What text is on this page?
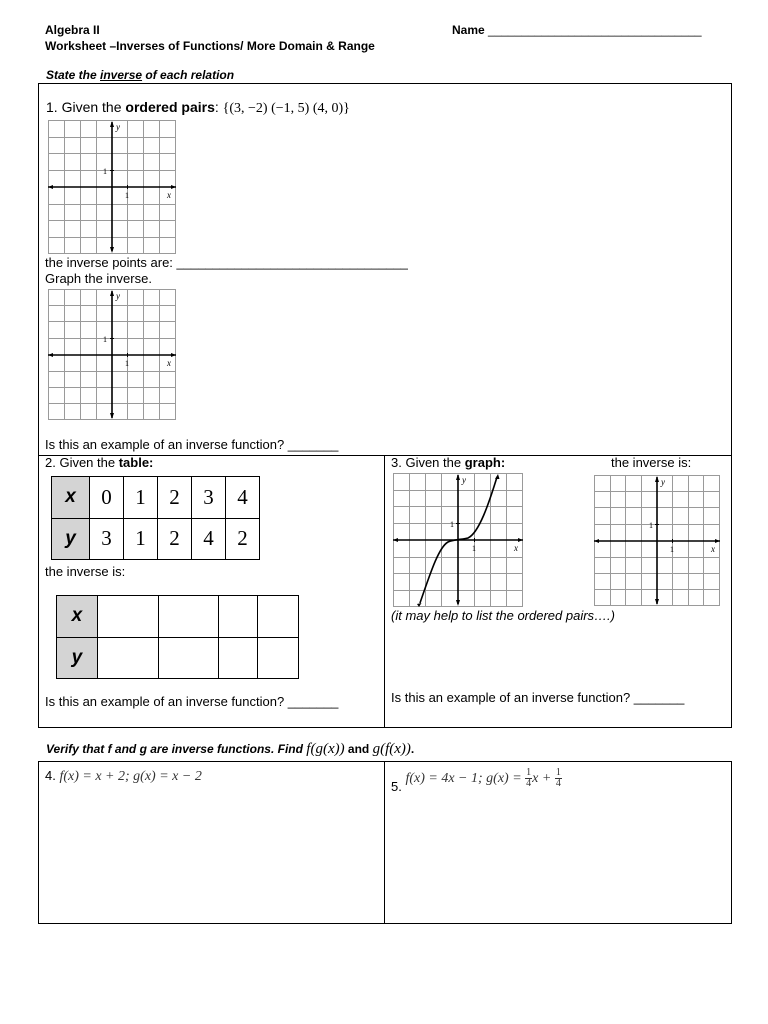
Algebra II
Worksheet –Inverses of Functions/ More Domain & Range
Name ________________________________
State the inverse of each relation
1. Given the ordered pairs: {(3, −2) (−1, 5) (4, 0)}
y
x
1
1
the inverse points are: ________________________________
Graph the inverse.
y
x
1
1
Is this an example of an inverse function? _______
2. Given the table:
x	0	1	2	3	4
y	3	1	2	4	2
the inverse is:
x				
y				
Is this an example of an inverse function? _______
3. Given the graph:	the inverse is:
y
x
1
1
y
x
1
1
(it may help to list the ordered pairs….)
Is this an example of an inverse function? _______
Verify that f and g are inverse functions. Find f(g(x)) and g(f(x)).
4. f(x) = x + 2; g(x) = x − 2
5. f(x) = 4x − 1; $g(x) = \frac{1}{4}$ $x + \frac{1}{4}$
